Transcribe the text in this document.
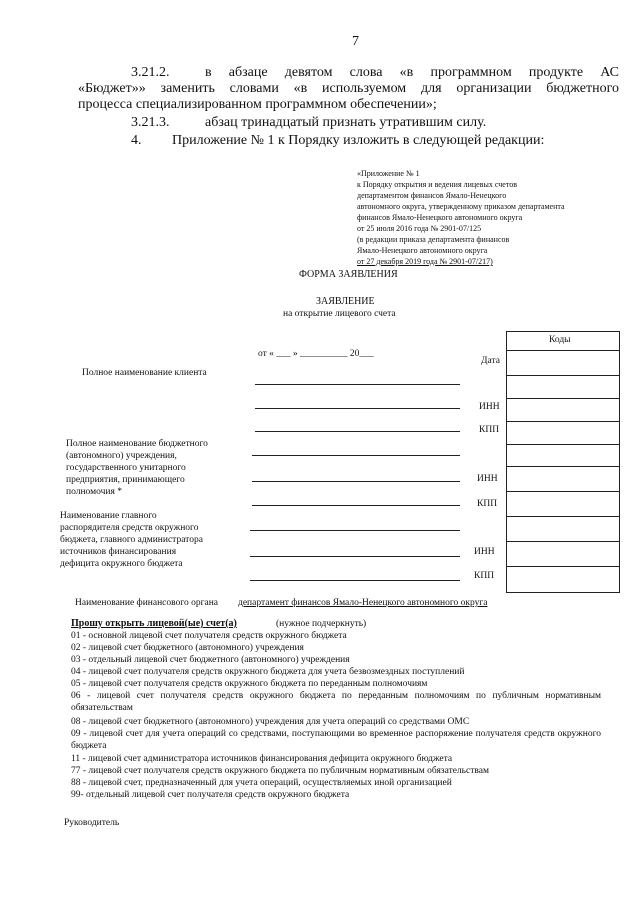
7
3.21.2.	в абзаце девятом слова «в программном продукте АС
«Бюджет»» заменить словами «в используемом для организации бюджетного
процесса специализированном программном обеспечении»;
3.21.3.	абзац тринадцатый признать утратившим силу.
4. Приложение № 1 к Порядку изложить в следующей редакции:
«Приложение № 1
к Порядку открытия и ведения лицевых счетов
департаментом финансов Ямало-Ненецкого
автономного округа, утвержденному приказом департамента
финансов Ямало-Ненецкого автономного округа
от 25 июля 2016 года № 2901-07/125
(в редакции приказа департамента финансов
Ямало-Ненецкого автономного округа
от 27 декабря 2019 года № 2901-07/217)
ФОРМА ЗАЯВЛЕНИЯ
ЗАЯВЛЕНИЕ
на открытие лицевого счета
Коды
от « ___ » __________ 20___
Дата
Полное наименование клиента
ИНН
КПП
Полное наименование бюджетного
(автономного) учреждения,
государственного унитарного
предприятия, принимающего
полномочия *
ИНН
КПП
Наименование главного
распорядителя средств окружного
бюджета, главного администратора
источников финансирования
дефицита окружного бюджета
ИНН
КПП
Наименование финансового органа департамент финансов Ямало-Ненецкого автономного округа
Прошу открыть лицевой(ые) счет(а)	(нужное подчеркнуть)
01 - основной лицевой счет получателя средств окружного бюджета
02 - лицевой счет бюджетного (автономного) учреждения
03 - отдельный лицевой счет бюджетного (автономного) учреждения
04 - лицевой счет получателя средств окружного бюджета для учета безвозмездных поступлений
05 - лицевой счет получателя средств окружного бюджета по переданным полномочиям
06 - лицевой счет получателя средств окружного бюджета по переданным полномочиям по публичным нормативным обязательствам
08 - лицевой счет бюджетного (автономного) учреждения для учета операций со средствами ОМС
09 - лицевой счет для учета операций со средствами, поступающими во временное распоряжение получателя средств окружного бюджета
11 - лицевой счет администратора источников финансирования дефицита окружного бюджета
77 - лицевой счет получателя средств окружного бюджета по публичным нормативным обязательствам
88 - лицевой счет, предназначенный для учета операций, осуществляемых иной организацией
99- отдельный лицевой счет получателя средств окружного бюджета
Руководитель
